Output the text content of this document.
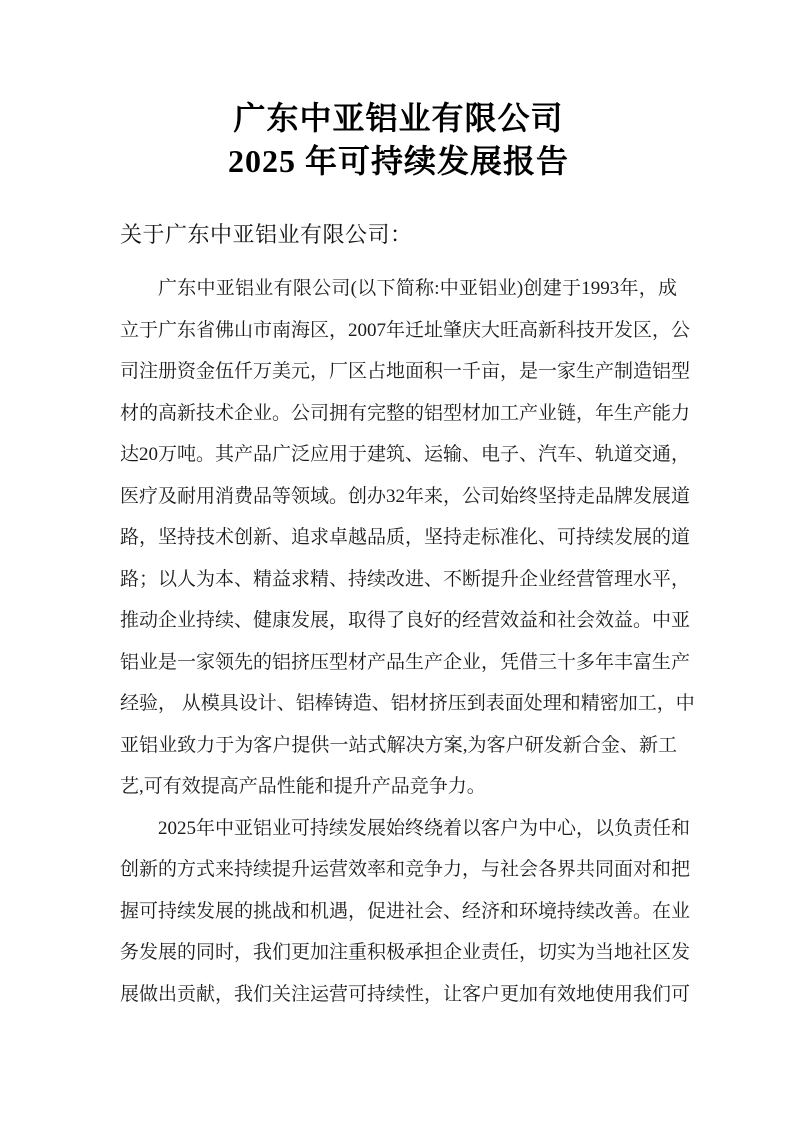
广东中亚铝业有限公司
2025 年可持续发展报告
关于广东中亚铝业有限公司：
广东中亚铝业有限公司(以下简称:中亚铝业)创建于1993年，成
立于广东省佛山市南海区，2007年迁址肇庆大旺高新科技开发区，公
司注册资金伍仟万美元，厂区占地面积一千亩，是一家生产制造铝型
材的高新技术企业。公司拥有完整的铝型材加工产业链，年生产能力
达20万吨。其产品广泛应用于建筑、运输、电子、汽车、轨道交通，
医疗及耐用消费品等领域。创办32年来，公司始终坚持走品牌发展道
路，坚持技术创新、追求卓越品质，坚持走标准化、可持续发展的道
路；以人为本、精益求精、持续改进、不断提升企业经营管理水平，
推动企业持续、健康发展，取得了良好的经营效益和社会效益。中亚
铝业是一家领先的铝挤压型材产品生产企业，凭借三十多年丰富生产
经验， 从模具设计、铝棒铸造、铝材挤压到表面处理和精密加工，中
亚铝业致力于为客户提供一站式解决方案,为客户研发新合金、新工
艺,可有效提高产品性能和提升产品竞争力。
2025年中亚铝业可持续发展始终绕着以客户为中心，以负责任和
创新的方式来持续提升运营效率和竞争力，与社会各界共同面对和把
握可持续发展的挑战和机遇，促进社会、经济和环境持续改善。在业
务发展的同时，我们更加注重积极承担企业责任，切实为当地社区发
展做出贡献，我们关注运营可持续性，让客户更加有效地使用我们可
